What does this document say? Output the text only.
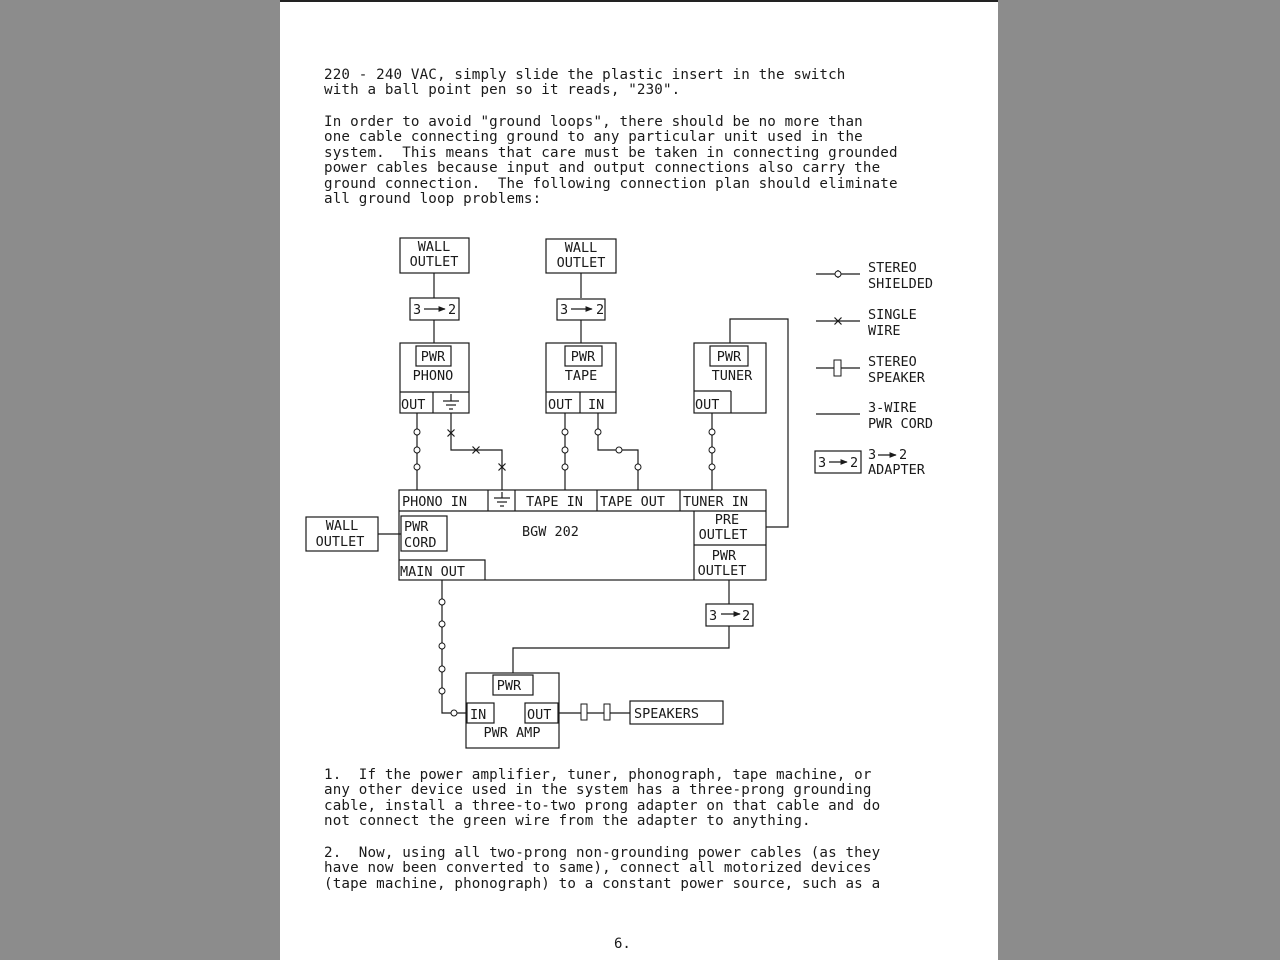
220 - 240 VAC, simply slide the plastic insert in the switch
with a ball point pen so it reads, "230".

In order to avoid "ground loops", there should be no more than
one cable connecting ground to any particular unit used in the
system.  This means that care must be taken in connecting grounded
power cables because input and output connections also carry the
ground connection.  The following connection plan should eliminate
all ground loop problems:

WALL
OUTLET
WALL
OUTLET
3 2	3 2
PWR
PHONO
OUT
PWR
TAPE
OUT IN
PWR
TUNER
OUT
PHONO IN	TAPE IN TAPE OUT TUNER IN
PWR
CORD
BGW 202
PRE
OUTLET
PWR
OUTLET
MAIN OUT
WALL
OUTLET
3 2
PWR
IN	OUT
PWR AMP
SPEAKERS
STEREO
SHIELDED
SINGLE
WIRE
STEREO
SPEAKER
3-WIRE
PWR CORD
3 2 3 2
ADAPTER

1.  If the power amplifier, tuner, phonograph, tape machine, or
any other device used in the system has a three-prong grounding
cable, install a three-to-two prong adapter on that cable and do
not connect the green wire from the adapter to anything.

2.  Now, using all two-prong non-grounding power cables (as they
have now been converted to same), connect all motorized devices
(tape machine, phonograph) to a constant power source, such as a

6.
